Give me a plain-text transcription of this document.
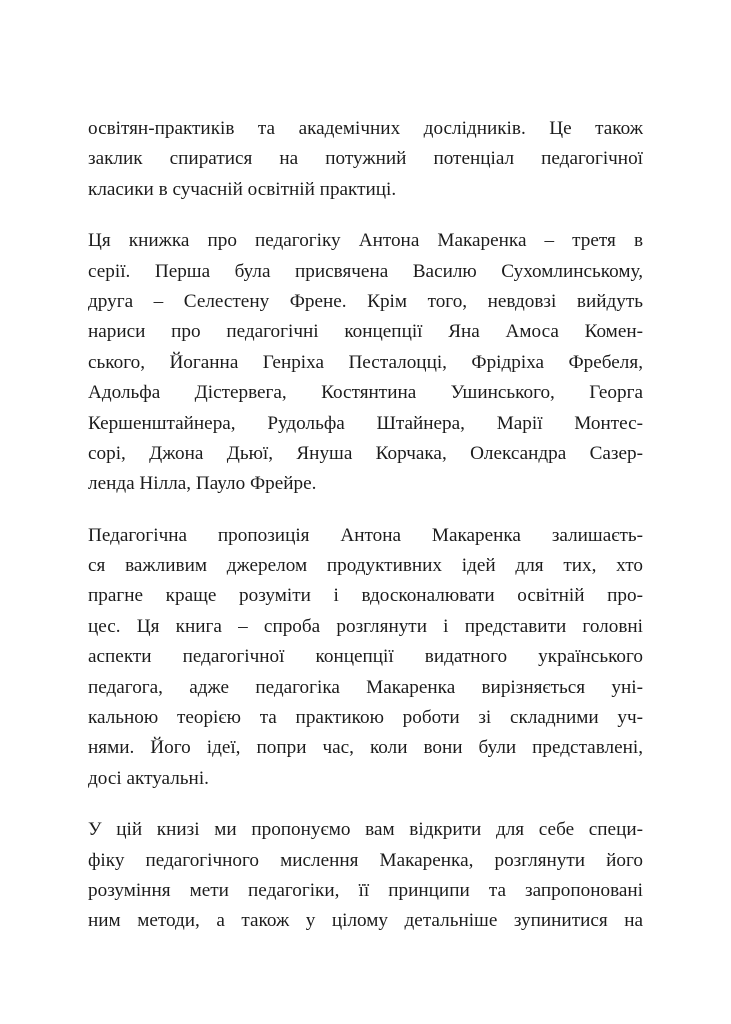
освітян-практиків та академічних дослідників. Це також
заклик спиратися на потужний потенціал педагогічної
класики в сучасній освітній практиці.
Ця книжка про педагогіку Антона Макаренка – третя в
серії. Перша була присвячена Василю Сухомлинському,
друга – Селестену Френе. Крім того, невдовзі вийдуть
нариси про педагогічні концепції Яна Амоса Комен-
ського, Йоганна Генріха Песталоцці, Фрідріха Фребеля,
Адольфа Дістервега, Костянтина Ушинського, Георга
Кершенштайнера, Рудольфа Штайнера, Марії Монтес-
сорі, Джона Дьюї, Януша Корчака, Олександра Сазер-
ленда Нілла, Пауло Фрейре.
Педагогічна пропозиція Антона Макаренка залишаєть-
ся важливим джерелом продуктивних ідей для тих, хто
прагне краще розуміти і вдосконалювати освітній про-
цес. Ця книга – спроба розглянути і представити головні
аспекти педагогічної концепції видатного українського
педагога, адже педагогіка Макаренка вирізняється уні-
кальною теорією та практикою роботи зі складними уч-
нями. Його ідеї, попри час, коли вони були представлені,
досі актуальні.
У цій книзі ми пропонуємо вам відкрити для себе специ-
фіку педагогічного мислення Макаренка, розглянути його
розуміння мети педагогіки, її принципи та запропоновані
ним методи, а також у цілому детальніше зупинитися на
